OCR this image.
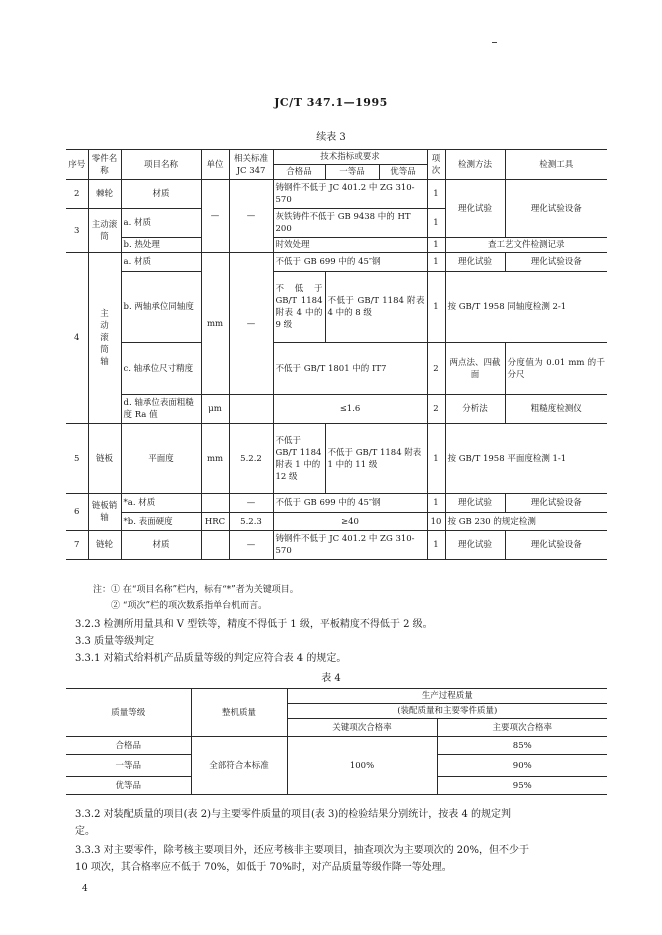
JC/T 347.1—1995
续表 3
序号	零件名称	项目名称	单位	相关标准 JC 347	技术指标或要求			项次	检测方法	检测工具
					合格品	一等品	优等品			
2	棘轮	材质	—	—	铸钢件不低于 JC 401.2 中 ZG 310-570			1	理化试验	理化试验设备
3	主动滚筒	a. 材质			灰铁铸件不低于 GB 9438 中的 HT 200			1		
		b. 热处理			时效处理			1	查工艺文件检测记录	
4	主动滚筒轴	a. 材质	mm	—	不低于 GB 699 中的 45″钢			1	理化试验	理化试验设备
		b. 两轴承位同轴度			不低于GB/T 1184附表 4 中的 9 级	不低于 GB/T 1184 附表 4 中的 8 级		1	按 GB/T 1958 同轴度检测 2-1	
		c. 轴承位尺寸精度			不低于 GB/T 1801 中的 IT7			2	两点法、四截面	分度值为 0.01 mm 的千分尺
		d. 轴承位表面粗糙度 Ra 值	μm		≤1.6			2	分析法	粗糙度检测仪
5	链板	平面度	mm	5.2.2	不低于 GB/T 1184 附表 1 中的 12 级	不低于 GB/T 1184 附表 1 中的 11 级		1	按 GB/T 1958 平面度检测 1-1	
6	链板销轴	*a. 材质		—	不低于 GB 699 中的 45″钢			1	理化试验	理化试验设备
		*b. 表面硬度	HRC	5.2.3	≥40			10	按 GB 230 的规定检测	
7	链轮	材质		—	铸钢件不低于 JC 401.2 中 ZG 310-570			1	理化试验	理化试验设备
注：① 在“项目名称”栏内，标有“*”者为关键项目。
② “项次”栏的项次数系指单台机而言。
3.2.3 检测所用量具和 V 型铁等，精度不得低于 1 级，平板精度不得低于 2 级。
3.3 质量等级判定
3.3.1 对箱式给料机产品质量等级的判定应符合表 4 的规定。
表 4
质量等级	整机质量	生产过程质量	
		(装配质量和主要零件质量)	
		关键项次合格率	主要项次合格率
合格品	全部符合本标准	100%	85%
一等品			90%
优等品			95%
3.3.2 对装配质量的项目(表 2)与主要零件质量的项目(表 3)的检验结果分别统计，按表 4 的规定判
定。
3.3.3 对主要零件，除考核主要项目外，还应考核非主要项目，抽查项次为主要项次的 20%，但不少于
10 项次，其合格率应不低于 70%，如低于 70%时，对产品质量等级作降一等处理。
4
